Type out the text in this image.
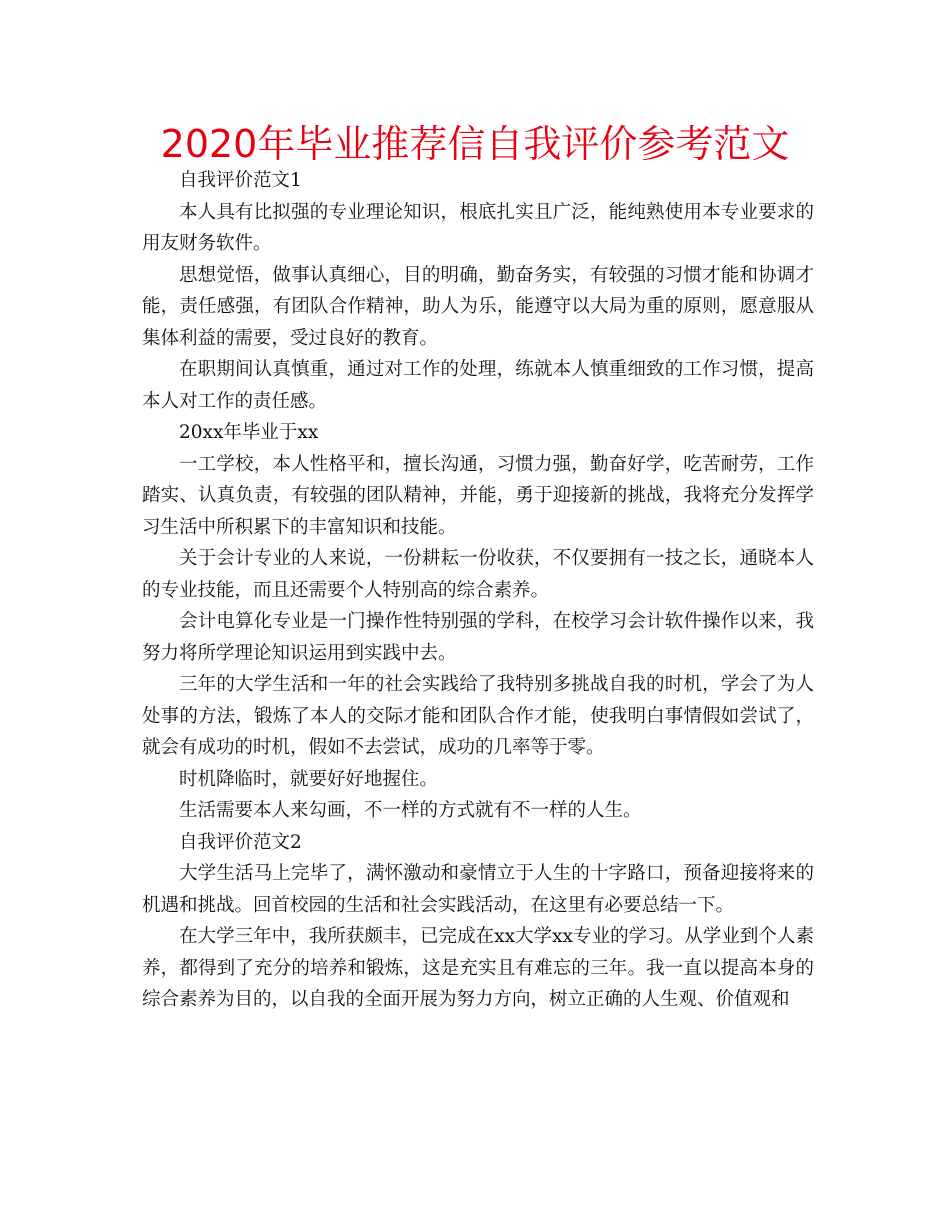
2020年毕业推荐信自我评价参考范文

自我评价范文1

本人具有比拟强的专业理论知识，根底扎实且广泛，能纯熟使用本专业要求的用友财务软件。

思想觉悟，做事认真细心，目的明确，勤奋务实，有较强的习惯才能和协调才能，责任感强，有团队合作精神，助人为乐，能遵守以大局为重的原则，愿意服从集体利益的需要，受过良好的教育。

在职期间认真慎重，通过对工作的处理，练就本人慎重细致的工作习惯，提高本人对工作的责任感。

20xx年毕业于xx

一工学校，本人性格平和，擅长沟通，习惯力强，勤奋好学，吃苦耐劳，工作踏实、认真负责，有较强的团队精神，并能，勇于迎接新的挑战，我将充分发挥学习生活中所积累下的丰富知识和技能。

关于会计专业的人来说，一份耕耘一份收获，不仅要拥有一技之长，通晓本人的专业技能，而且还需要个人特别高的综合素养。

会计电算化专业是一门操作性特别强的学科，在校学习会计软件操作以来，我努力将所学理论知识运用到实践中去。

三年的大学生活和一年的社会实践给了我特别多挑战自我的时机，学会了为人处事的方法，锻炼了本人的交际才能和团队合作才能，使我明白事情假如尝试了，就会有成功的时机，假如不去尝试，成功的几率等于零。

时机降临时，就要好好地握住。

生活需要本人来勾画，不一样的方式就有不一样的人生。

自我评价范文2

大学生活马上完毕了，满怀激动和豪情立于人生的十字路口，预备迎接将来的机遇和挑战。回首校园的生活和社会实践活动，在这里有必要总结一下。

在大学三年中，我所获颇丰，已完成在xx大学xx专业的学习。从学业到个人素养，都得到了充分的培养和锻炼，这是充实且有难忘的三年。我一直以提高本身的综合素养为目的，以自我的全面开展为努力方向，树立正确的人生观、价值观和
